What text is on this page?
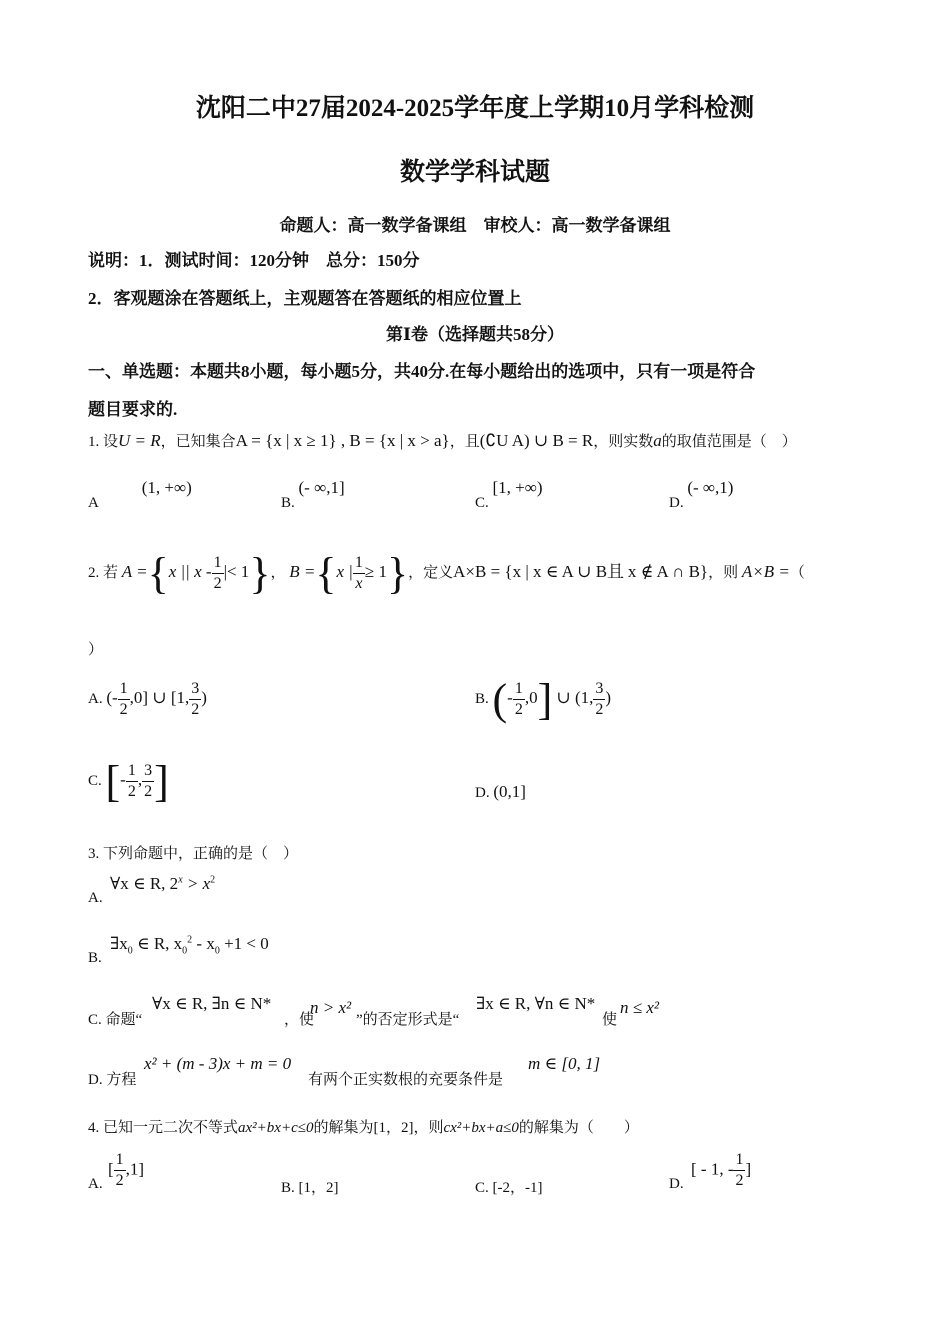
沈阳二中27届2024-2025学年度上学期10月学科检测
数学学科试题
命题人：高一数学备课组　审校人：高一数学备课组
说明：1．测试时间：120分钟　总分：150分
2．客观题涂在答题纸上，主观题答在答题纸的相应位置上
第Ⅰ卷（选择题共58分）
一、单选题：本题共8小题，每小题5分，共40分.在每小题给出的选项中，只有一项是符合
题目要求的.
1. 设U = R，已知集合A = {x | x ≥ 1} , B = {x | x > a}，且(∁U A) ∪ B = R，则实数a的取值范围是（　）
A (1, +∞)
B. (- ∞,1]
C. [1, +∞)
D. (- ∞,1)
2. 若 A ={x || x - $\frac{1}{2}$ |< 1}， B ={x | $\frac{1}{x} \ge 1$}，定义A×B = {x | x ∈ A ∪ B且 x ∉ A ∩ B}，则 A×B =（
）
A. (- $\frac{1}{2} ,0$] ∪ [1, $\frac{3}{2}$ )	B. (- $\frac{1}{2} ,0$] ∪ (1, $\frac{3}{2}$ )
C. [- $\frac{1}{2}$ , $\frac{3}{2}$ ]	D. (0,1]
3. 下列命题中，正确的是（　）
A.
∀x ∈ R, $2^x > x^2$
B.
$\exists x_0$ ∈ R, $x_0^2 - x_0 +1 < 0$
C. 命题“
∀x ∈ R, ∃n ∈ N*
，使
n > x²
”的否定形式是“
∃x ∈ R, ∀n ∈ N*
使
n ≤ x²
D. 方程
x² + (m - 3)x + m = 0
有两个正实数根的充要条件是
m ∈ [0, 1]
4. 已知一元二次不等式ax²+bx+c≤0的解集为[1，2]，则cx²+bx+a≤0的解集为（　　）
A.
[ $\frac{1}{2} ,1$]
B. [1，2]	C. [-2，-1]	D.
[ - 1, - $\frac{1}{2}$ ]
